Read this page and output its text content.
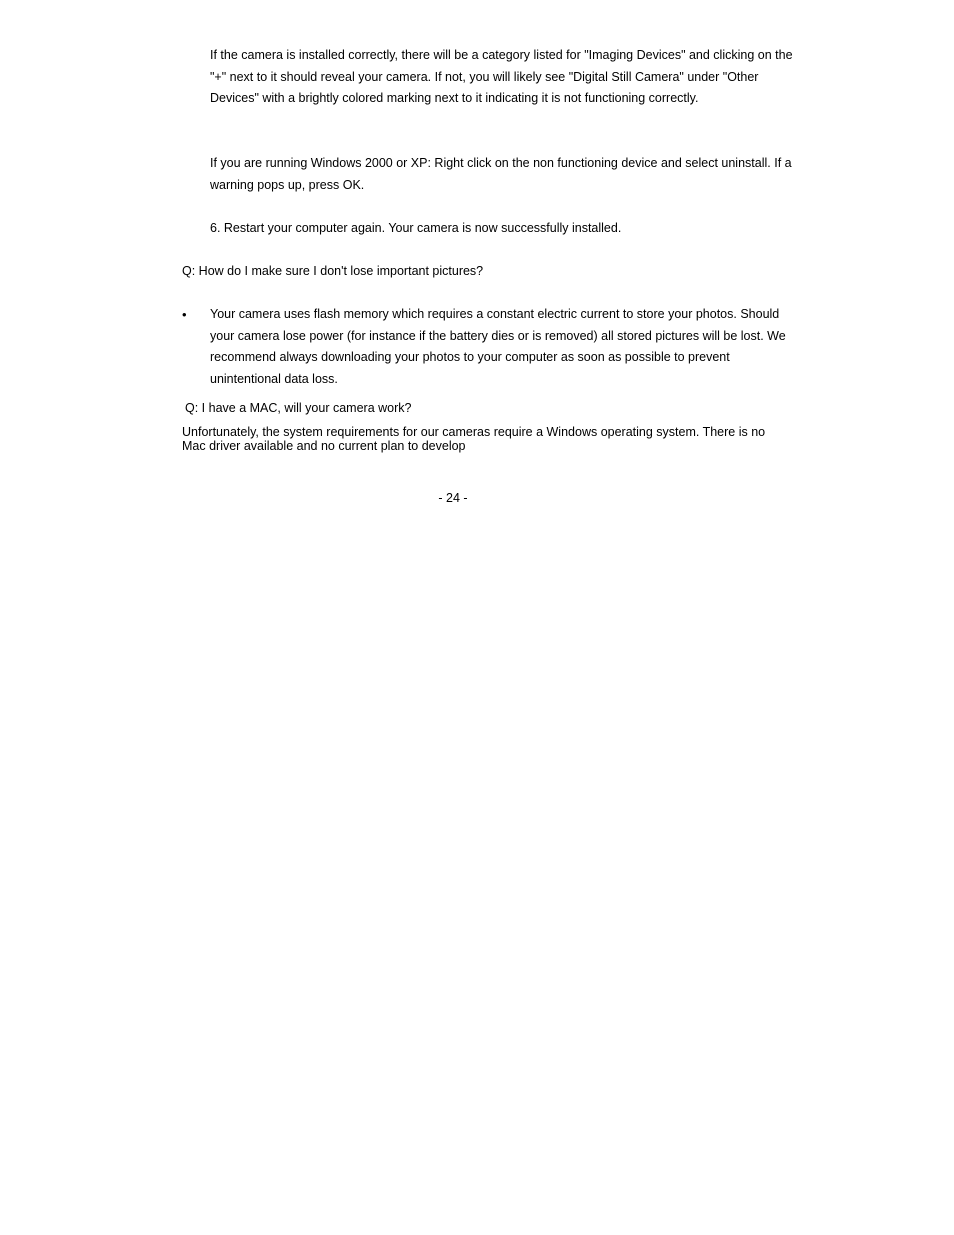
If the camera is installed correctly, there will be a category listed for "Imaging Devices" and clicking on the "+" next to it should reveal your camera. If not, you will likely see "Digital Still Camera" under "Other Devices" with a brightly colored marking next to it indicating it is not functioning correctly.

If you are running Windows 2000 or XP: Right click on the non functioning device and select uninstall. If a warning pops up, press OK.

6. Restart your computer again. Your camera is now successfully installed.

Q: How do I make sure I don't lose important pictures?

• Your camera uses flash memory which requires a constant electric current to store your photos. Should your camera lose power (for instance if the battery dies or is removed) all stored pictures will be lost. We recommend always downloading your photos to your computer as soon as possible to prevent unintentional data loss.

Q: I have a MAC, will your camera work?

Unfortunately, the system requirements for our cameras require a Windows operating system. There is no Mac driver available and no current plan to develop

- 24 -
